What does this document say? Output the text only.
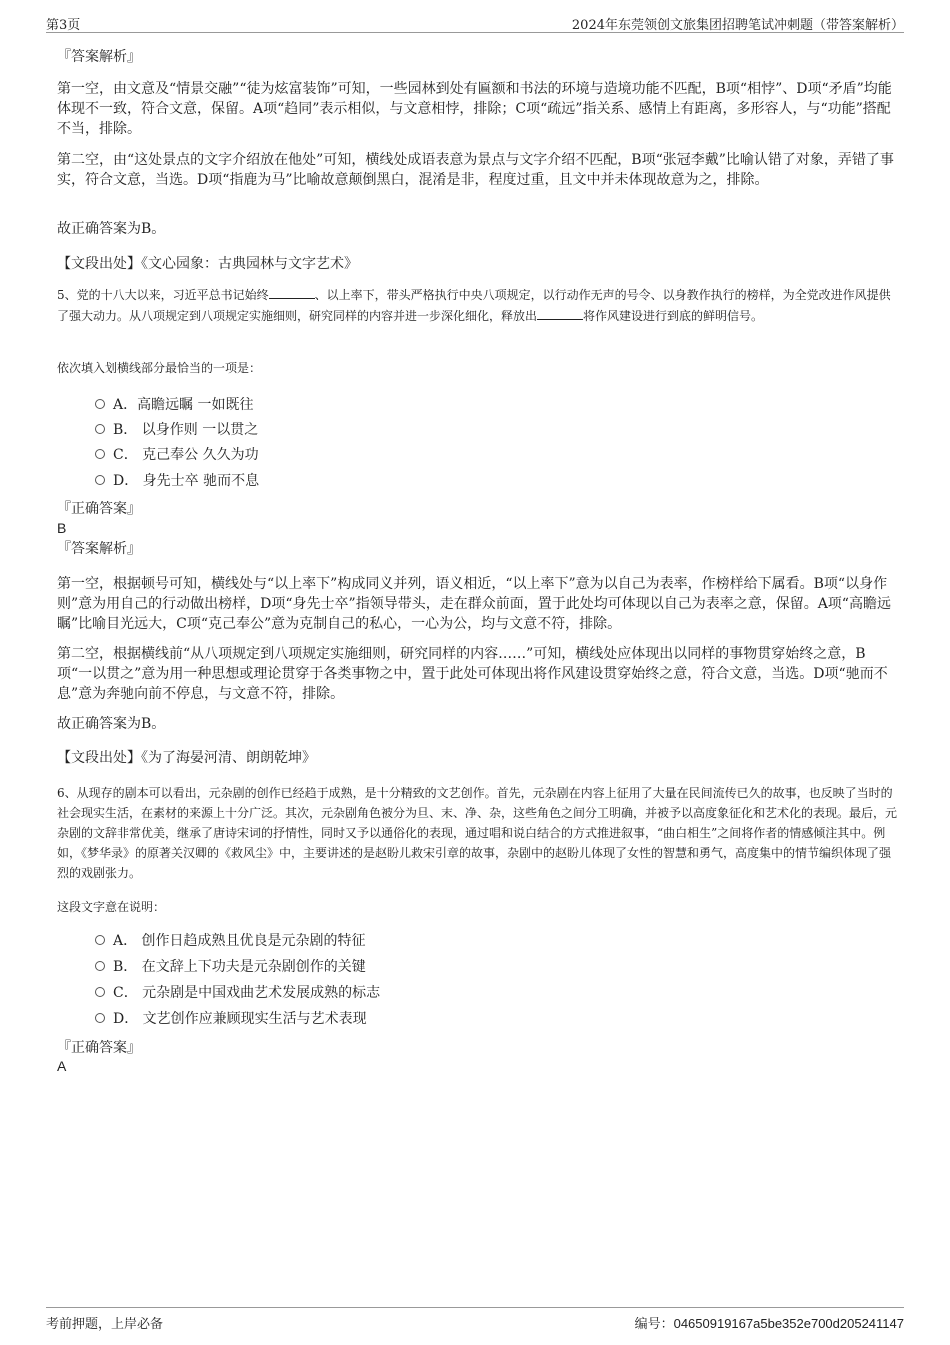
第3页	2024年东莞领创文旅集团招聘笔试冲刺题（带答案解析）
『答案解析』

第一空，由文意及“情景交融”“徒为炫富装饰”可知，一些园林到处有匾额和书法的环境与造境功能不匹配，B项“相悖”、D项“矛盾”均能体现不一致，符合文意，保留。A项“趋同”表示相似，与文意相悖，排除；C项“疏远”指关系、感情上有距离，多形容人，与“功能”搭配不当，排除。

第二空，由“这处景点的文字介绍放在他处”可知，横线处成语表意为景点与文字介绍不匹配，B项“张冠李戴”比喻认错了对象，弄错了事实，符合文意，当选。D项“指鹿为马”比喻故意颠倒黑白，混淆是非，程度过重，且文中并未体现故意为之，排除。

故正确答案为B。
【文段出处】《文心园象：古典园林与文字艺术》

5、党的十八大以来，习近平总书记始终	、以上率下，带头严格执行中央八项规定，以行动作无声的号令、以身教作执行的榜样，为全党改进作风提供了强大动力。从八项规定到八项规定实施细则，研究同样的内容并进一步深化细化，释放出	将作风建设进行到底的鲜明信号。

依次填入划横线部分最恰当的一项是：
A．高瞻远瞩 一如既往
B． 以身作则 一以贯之
C． 克己奉公 久久为功
D． 身先士卒 驰而不息
『正确答案』
B
『答案解析』

第一空，根据顿号可知，横线处与“以上率下”构成同义并列，语义相近，“以上率下”意为以自己为表率，作榜样给下属看。B项“以身作则”意为用自己的行动做出榜样，D项“身先士卒”指领导带头，走在群众前面，置于此处均可体现以自己为表率之意，保留。A项“高瞻远瞩”比喻目光远大，C项“克己奉公”意为克制自己的私心，一心为公，均与文意不符，排除。

第二空，根据横线前“从八项规定到八项规定实施细则，研究同样的内容……”可知，横线处应体现出以同样的事物贯穿始终之意，B项“一以贯之”意为用一种思想或理论贯穿于各类事物之中，置于此处可体现出将作风建设贯穿始终之意，符合文意，当选。D项“驰而不息”意为奔驰向前不停息，与文意不符，排除。

故正确答案为B。
【文段出处】《为了海晏河清、朗朗乾坤》

6、从现存的剧本可以看出，元杂剧的创作已经趋于成熟，是十分精致的文艺创作。首先，元杂剧在内容上征用了大量在民间流传已久的故事，也反映了当时的社会现实生活，在素材的来源上十分广泛。其次，元杂剧角色被分为旦、末、净、杂，这些角色之间分工明确，并被予以高度象征化和艺术化的表现。最后，元杂剧的文辞非常优美，继承了唐诗宋词的抒情性，同时又予以通俗化的表现，通过唱和说白结合的方式推进叙事，“曲白相生”之间将作者的情感倾注其中。例如，《梦华录》的原著关汉卿的《救风尘》中，主要讲述的是赵盼儿救宋引章的故事，杂剧中的赵盼儿体现了女性的智慧和勇气，高度集中的情节编织体现了强烈的戏剧张力。

这段文字意在说明：
A． 创作日趋成熟且优良是元杂剧的特征
B． 在文辞上下功夫是元杂剧创作的关键
C． 元杂剧是中国戏曲艺术发展成熟的标志
D． 文艺创作应兼顾现实生活与艺术表现
『正确答案』
A
考前押题，上岸必备	编号：04650919167a5be352e700d205241147
